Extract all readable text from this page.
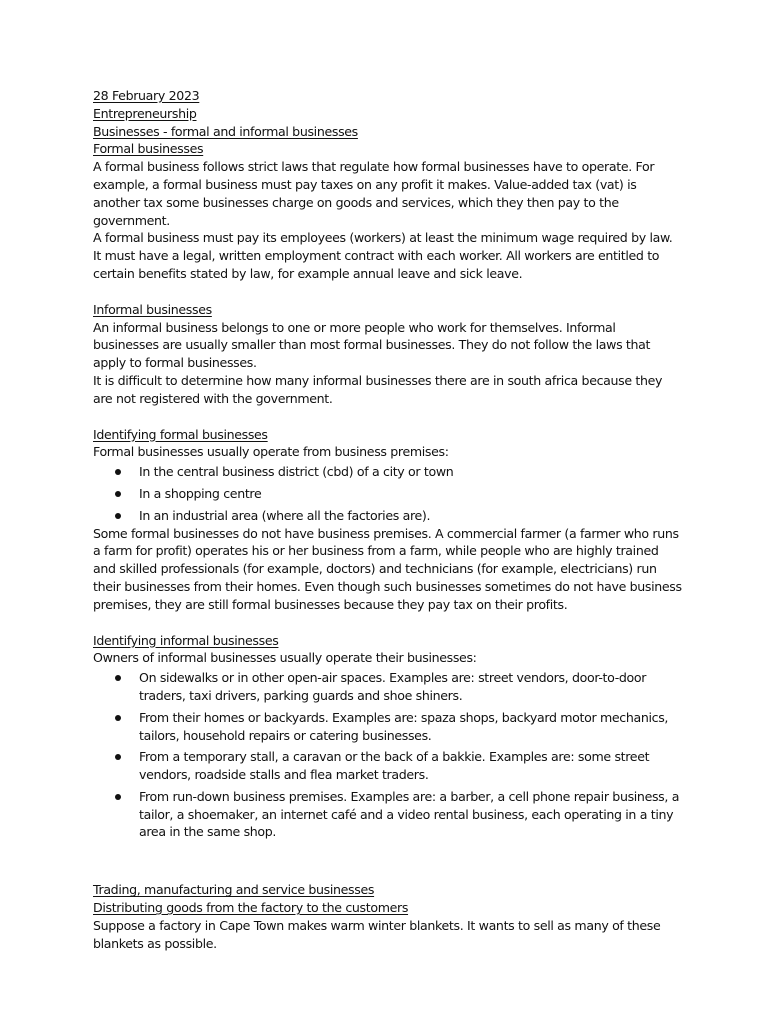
28 February 2023
Entrepreneurship
Businesses - formal and informal businesses
Formal businesses

A formal business follows strict laws that regulate how formal businesses have to operate. For example, a formal business must pay taxes on any profit it makes. Value-added tax (vat) is another tax some businesses charge on goods and services, which they then pay to the government.

A formal business must pay its employees (workers) at least the minimum wage required by law. It must have a legal, written employment contract with each worker. All workers are entitled to certain benefits stated by law, for example annual leave and sick leave.

Informal businesses

An informal business belongs to one or more people who work for themselves. Informal businesses are usually smaller than most formal businesses. They do not follow the laws that apply to formal businesses.

It is difficult to determine how many informal businesses there are in south africa because they are not registered with the government.

Identifying formal businesses

Formal businesses usually operate from business premises:

In the central business district (cbd) of a city or town
In a shopping centre
In an industrial area (where all the factories are).

Some formal businesses do not have business premises. A commercial farmer (a farmer who runs a farm for profit) operates his or her business from a farm, while people who are highly trained and skilled professionals (for example, doctors) and technicians (for example, electricians) run their businesses from their homes. Even though such businesses sometimes do not have business premises, they are still formal businesses because they pay tax on their profits.

Identifying informal businesses

Owners of informal businesses usually operate their businesses:

On sidewalks or in other open-air spaces. Examples are: street vendors, door-to-door traders, taxi drivers, parking guards and shoe shiners.
From their homes or backyards. Examples are: spaza shops, backyard motor mechanics, tailors, household repairs or catering businesses.
From a temporary stall, a caravan or the back of a bakkie. Examples are: some street vendors, roadside stalls and flea market traders.
From run-down business premises. Examples are: a barber, a cell phone repair business, a tailor, a shoemaker, an internet café and a video rental business, each operating in a tiny area in the same shop.
Trading, manufacturing and service businesses
Distributing goods from the factory to the customers

Suppose a factory in Cape Town makes warm winter blankets. It wants to sell as many of these blankets as possible.
